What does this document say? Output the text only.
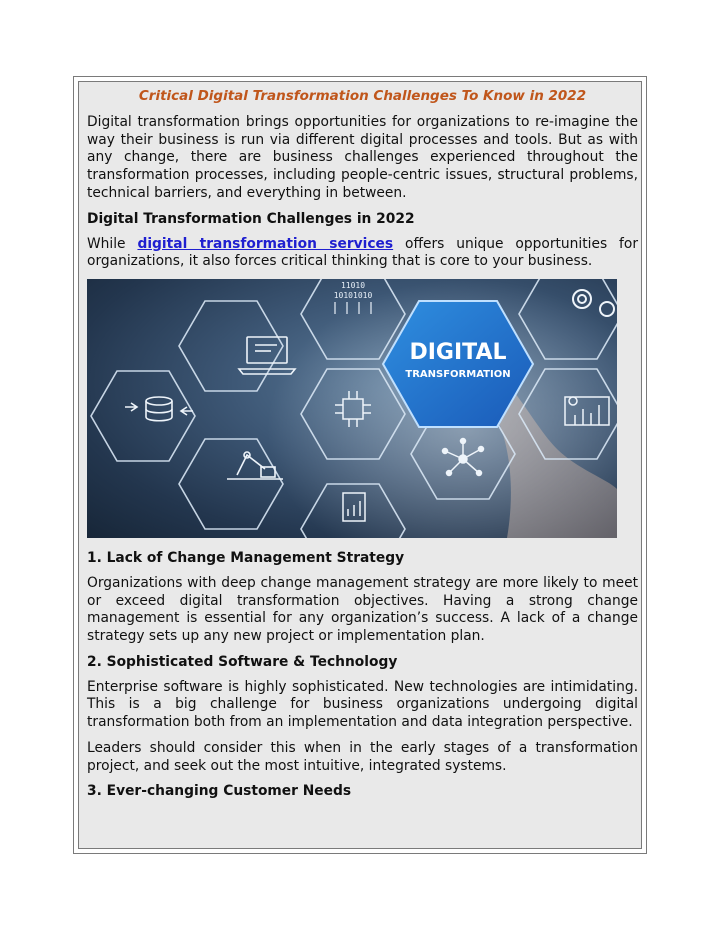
Critical Digital Transformation Challenges To Know in 2022

Digital transformation brings opportunities for organizations to re-imagine the way their business is run via different digital processes and tools. But as with any change, there are business challenges experienced throughout the transformation processes, including people-centric issues, structural problems, technical barriers, and everything in between.

Digital Transformation Challenges in 2022

While digital transformation services offers unique opportunities for organizations, it also forces critical thinking that is core to your business.

DIGITAL
TRANSFORMATION
11010
10101010
1. Lack of Change Management Strategy

Organizations with deep change management strategy are more likely to meet or exceed digital transformation objectives. Having a strong change management is essential for any organization’s success. A lack of a change strategy sets up any new project or implementation plan.

2. Sophisticated Software & Technology

Enterprise software is highly sophisticated. New technologies are intimidating. This is a big challenge for business organizations undergoing digital transformation both from an implementation and data integration perspective.

Leaders should consider this when in the early stages of a transformation project, and seek out the most intuitive, integrated systems.

3. Ever-changing Customer Needs
